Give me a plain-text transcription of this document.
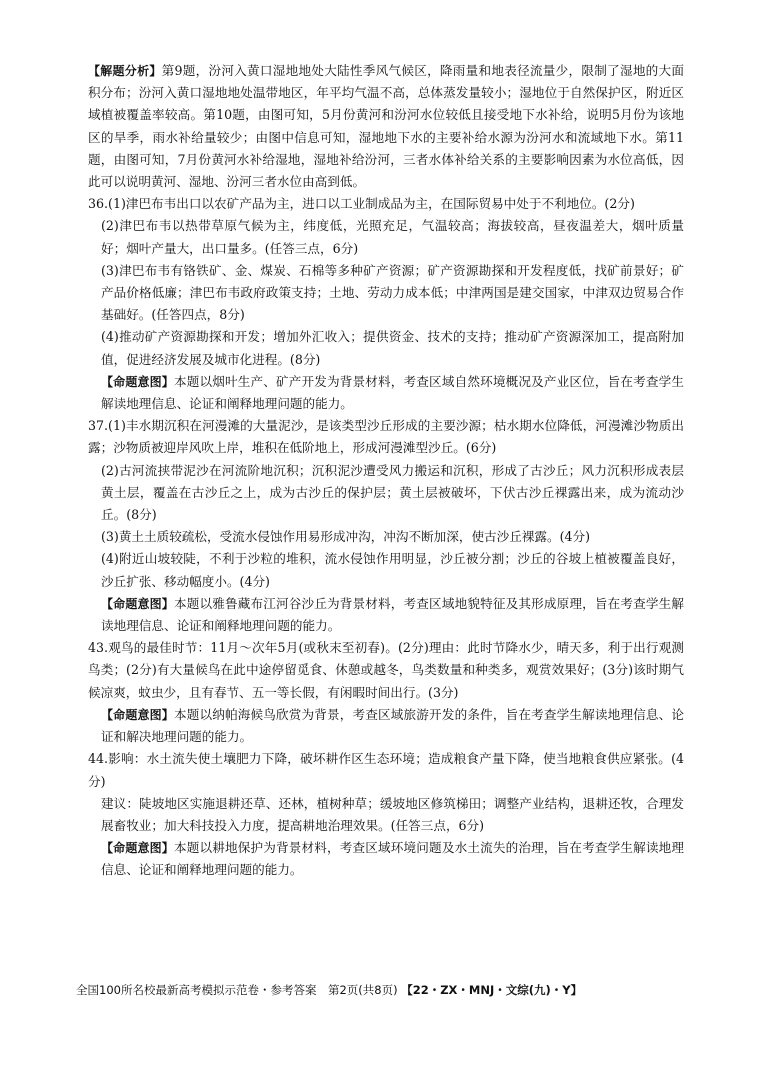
【解题分析】第9题，汾河入黄口湿地地处大陆性季风气候区，降雨量和地表径流量少，限制了湿地的大面积分布；汾河入黄口湿地地处温带地区，年平均气温不高，总体蒸发量较小；湿地位于自然保护区，附近区域植被覆盖率较高。第10题，由图可知，5月份黄河和汾河水位较低且接受地下水补给，说明5月份为该地区的旱季，雨水补给量较少；由图中信息可知，湿地地下水的主要补给水源为汾河水和流域地下水。第11题，由图可知，7月份黄河水补给湿地，湿地补给汾河，三者水体补给关系的主要影响因素为水位高低，因此可以说明黄河、湿地、汾河三者水位由高到低。

36.(1)津巴布韦出口以农矿产品为主，进口以工业制成品为主，在国际贸易中处于不利地位。(2分)

(2)津巴布韦以热带草原气候为主，纬度低，光照充足，气温较高；海拔较高，昼夜温差大，烟叶质量好；烟叶产量大，出口量多。(任答三点，6分)

(3)津巴布韦有铬铁矿、金、煤炭、石棉等多种矿产资源；矿产资源勘探和开发程度低，找矿前景好；矿产品价格低廉；津巴布韦政府政策支持；土地、劳动力成本低；中津两国是建交国家，中津双边贸易合作基础好。(任答四点，8分)

(4)推动矿产资源勘探和开发；增加外汇收入；提供资金、技术的支持；推动矿产资源深加工，提高附加值，促进经济发展及城市化进程。(8分)

【命题意图】本题以烟叶生产、矿产开发为背景材料，考查区域自然环境概况及产业区位，旨在考查学生解读地理信息、论证和阐释地理问题的能力。

37.(1)丰水期沉积在河漫滩的大量泥沙，是该类型沙丘形成的主要沙源；枯水期水位降低，河漫滩沙物质出露；沙物质被迎岸风吹上岸，堆积在低阶地上，形成河漫滩型沙丘。(6分)

(2)古河流挟带泥沙在河流阶地沉积；沉积泥沙遭受风力搬运和沉积，形成了古沙丘；风力沉积形成表层黄土层，覆盖在古沙丘之上，成为古沙丘的保护层；黄土层被破坏，下伏古沙丘裸露出来，成为流动沙丘。(8分)

(3)黄土土质较疏松，受流水侵蚀作用易形成冲沟，冲沟不断加深，使古沙丘裸露。(4分)

(4)附近山坡较陡，不利于沙粒的堆积，流水侵蚀作用明显，沙丘被分割；沙丘的谷坡上植被覆盖良好，沙丘扩张、移动幅度小。(4分)

【命题意图】本题以雅鲁藏布江河谷沙丘为背景材料，考查区域地貌特征及其形成原理，旨在考查学生解读地理信息、论证和阐释地理问题的能力。

43.观鸟的最佳时节：11月～次年5月(或秋末至初春)。(2分)理由：此时节降水少，晴天多，利于出行观测鸟类；(2分)有大量候鸟在此中途停留觅食、休憩或越冬，鸟类数量和种类多，观赏效果好；(3分)该时期气候凉爽，蚊虫少，且有春节、五一等长假，有闲暇时间出行。(3分)

【命题意图】本题以纳帕海候鸟欣赏为背景，考查区域旅游开发的条件，旨在考查学生解读地理信息、论证和解决地理问题的能力。

44.影响：水土流失使土壤肥力下降，破坏耕作区生态环境；造成粮食产量下降，使当地粮食供应紧张。(4分)

建议：陡坡地区实施退耕还草、还林，植树种草；缓坡地区修筑梯田；调整产业结构，退耕还牧，合理发展畜牧业；加大科技投入力度，提高耕地治理效果。(任答三点，6分)

【命题意图】本题以耕地保护为背景材料，考查区域环境问题及水土流失的治理，旨在考查学生解读地理信息、论证和阐释地理问题的能力。

全国100所名校最新高考模拟示范卷・参考答案　第2页(共8页) 【22・ZX・MNJ・文综(九)・Y】
